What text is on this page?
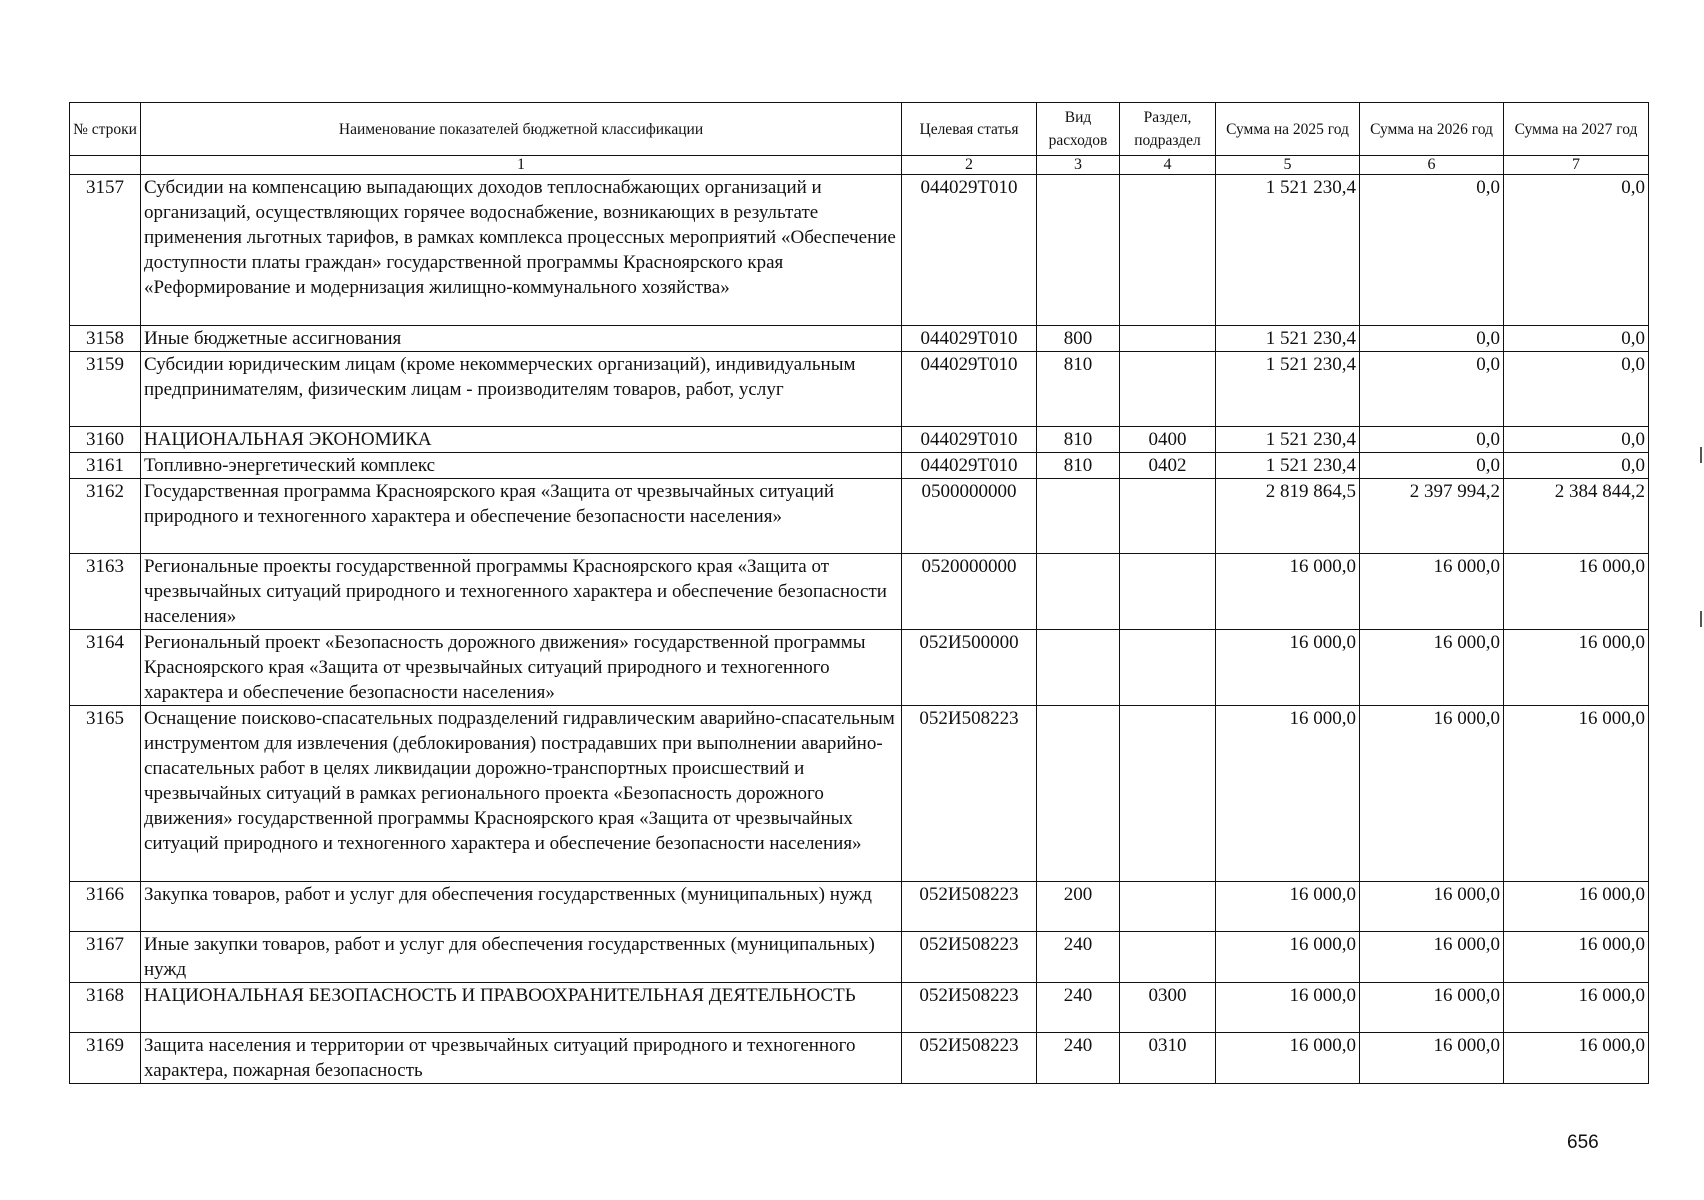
№ строки	Наименование показателей бюджетной классификации	Целевая статья	Вид расходов	Раздел, подраздел	Сумма на 2025 год	Сумма на 2026 год	Сумма на 2027 год
	1	2	3	4	5	6	7
3157	Субсидии на компенсацию выпадающих доходов теплоснабжающих организаций и организаций, осуществляющих горячее водоснабжение, возникающих в результате применения льготных тарифов, в рамках комплекса процессных мероприятий «Обеспечение доступности платы граждан» государственной программы Красноярского края «Реформирование и модернизация жилищно-коммунального хозяйства»	044029Т010			1 521 230,4	0,0	0,0
3158	Иные бюджетные ассигнования	044029Т010	800		1 521 230,4	0,0	0,0
3159	Субсидии юридическим лицам (кроме некоммерческих организаций), индивидуальным предпринимателям, физическим лицам - производителям товаров, работ, услуг	044029Т010	810		1 521 230,4	0,0	0,0
3160	НАЦИОНАЛЬНАЯ ЭКОНОМИКА	044029Т010	810	0400	1 521 230,4	0,0	0,0
3161	Топливно-энергетический комплекс	044029Т010	810	0402	1 521 230,4	0,0	0,0
3162	Государственная программа Красноярского края «Защита от чрезвычайных ситуаций природного и техногенного характера и обеспечение безопасности населения»	0500000000			2 819 864,5	2 397 994,2	2 384 844,2
3163	Региональные проекты государственной программы Красноярского края «Защита от чрезвычайных ситуаций природного и техногенного характера и обеспечение безопасности населения»	0520000000			16 000,0	16 000,0	16 000,0
3164	Региональный проект «Безопасность дорожного движения» государственной программы Красноярского края «Защита от чрезвычайных ситуаций природного и техногенного характера и обеспечение безопасности населения»	052И500000			16 000,0	16 000,0	16 000,0
3165	Оснащение поисково-спасательных подразделений гидравлическим аварийно-спасательным инструментом для извлечения (деблокирования) пострадавших при выполнении аварийно-спасательных работ в целях ликвидации дорожно-транспортных происшествий и чрезвычайных ситуаций в рамках регионального проекта «Безопасность дорожного движения» государственной программы Красноярского края «Защита от чрезвычайных ситуаций природного и техногенного характера и обеспечение безопасности населения»	052И508223			16 000,0	16 000,0	16 000,0
3166	Закупка товаров, работ и услуг для обеспечения государственных (муниципальных) нужд	052И508223	200		16 000,0	16 000,0	16 000,0
3167	Иные закупки товаров, работ и услуг для обеспечения государственных (муниципальных) нужд	052И508223	240		16 000,0	16 000,0	16 000,0
3168	НАЦИОНАЛЬНАЯ БЕЗОПАСНОСТЬ И ПРАВООХРАНИТЕЛЬНАЯ ДЕЯТЕЛЬНОСТЬ	052И508223	240	0300	16 000,0	16 000,0	16 000,0
3169	Защита населения и территории от чрезвычайных ситуаций природного и техногенного характера, пожарная безопасность	052И508223	240	0310	16 000,0	16 000,0	16 000,0
656
